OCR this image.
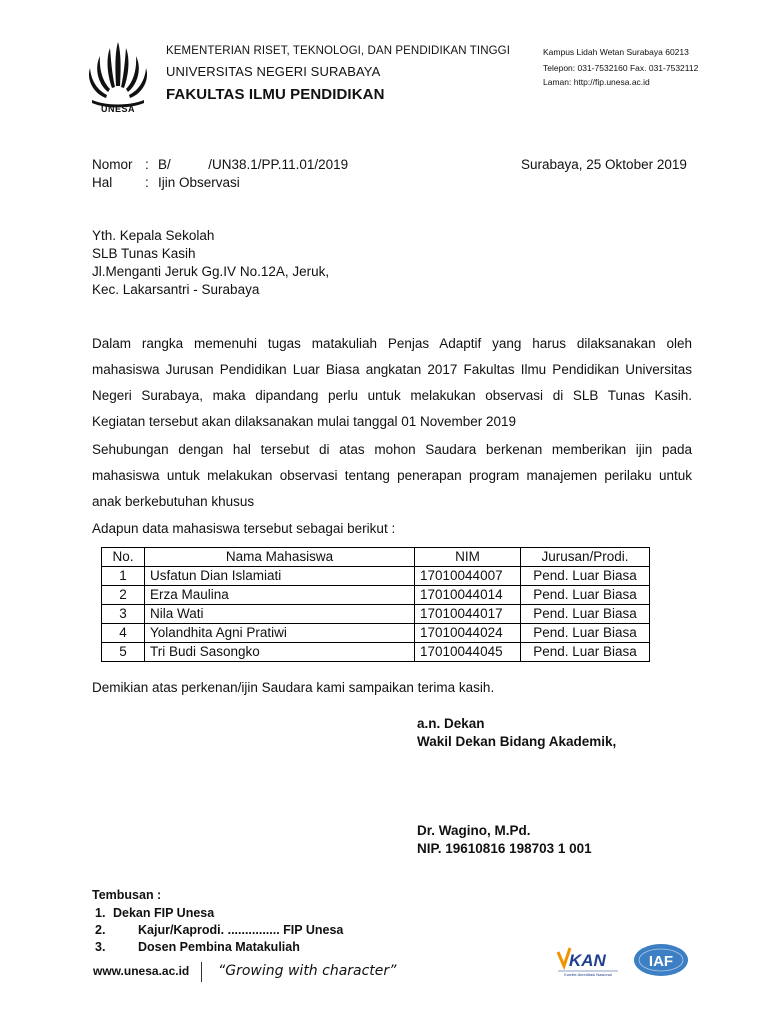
UNESA
KEMENTERIAN RISET, TEKNOLOGI, DAN PENDIDIKAN TINGGI
UNIVERSITAS NEGERI SURABAYA
FAKULTAS ILMU PENDIDIKAN
Kampus Lidah Wetan Surabaya 60213
Telepon: 031-7532160 Fax. 031-7532112
Laman: http://fip.unesa.ac.id
Nomor : B/          /UN38.1/PP.11.01/2019	Surabaya, 25 Oktober 2019
Hal : Ijin Observasi
Yth. Kepala Sekolah
SLB Tunas Kasih
Jl.Menganti Jeruk Gg.IV No.12A, Jeruk,
Kec. Lakarsantri - Surabaya
Dalam rangka memenuhi tugas matakuliah Penjas Adaptif yang harus dilaksanakan oleh
mahasiswa Jurusan Pendidikan Luar Biasa angkatan 2017 Fakultas Ilmu Pendidikan Universitas
Negeri Surabaya, maka dipandang perlu untuk melakukan observasi di SLB Tunas Kasih.
Kegiatan tersebut akan dilaksanakan mulai tanggal 01 November 2019
Sehubungan dengan hal tersebut di atas mohon Saudara berkenan memberikan ijin pada
mahasiswa untuk melakukan observasi tentang penerapan program manajemen perilaku untuk
anak berkebutuhan khusus
Adapun data mahasiswa tersebut sebagai berikut :
No.	Nama Mahasiswa	NIM	Jurusan/Prodi.
1	Usfatun Dian Islamiati	17010044007	Pend. Luar Biasa
2	Erza Maulina	17010044014	Pend. Luar Biasa
3	Nila Wati	17010044017	Pend. Luar Biasa
4	Yolandhita Agni Pratiwi	17010044024	Pend. Luar Biasa
5	Tri Budi Sasongko	17010044045	Pend. Luar Biasa
Demikian atas perkenan/ijin Saudara kami sampaikan terima kasih.
a.n. Dekan
Wakil Dekan Bidang Akademik,
Dr. Wagino, M.Pd.
NIP. 19610816 198703 1 001
Tembusan :
1. Dekan FIP Unesa
2.	Kajur/Kaprodi. ............... FIP Unesa
3.	Dosen Pembina Matakuliah
www.unesa.ac.id “Growing with character”
KAN
Komite Akreditasi Nasional
IAF
